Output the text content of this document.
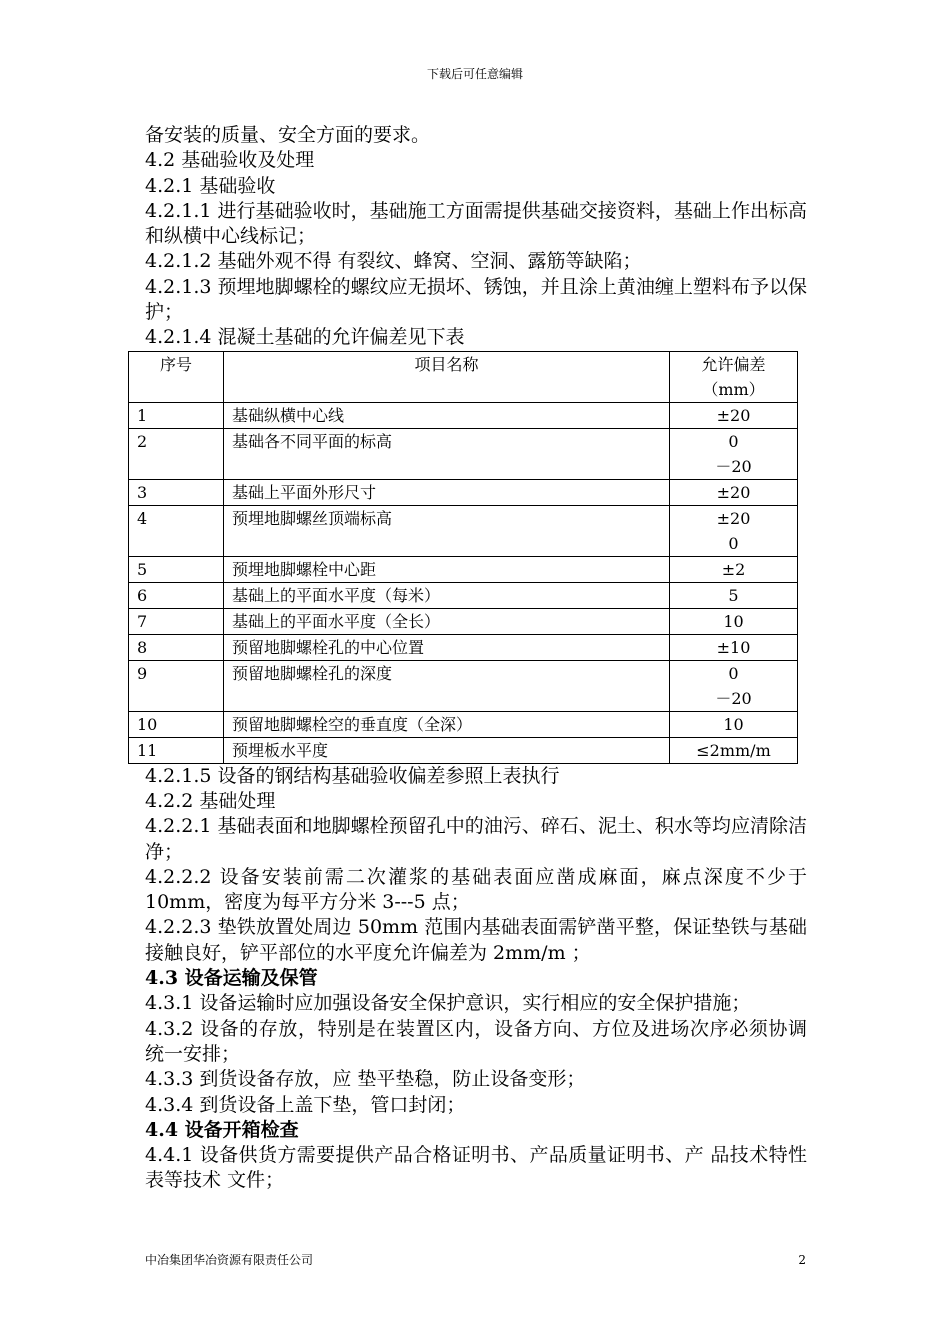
下载后可任意编辑

备安装的质量、安全方面的要求。

4.2 基础验收及处理

4.2.1 基础验收

4.2.1.1 进行基础验收时，基础施工方面需提供基础交接资料，基础上作出标高和纵横中心线标记；

4.2.1.2 基础外观不得 有裂纹、蜂窝、空洞、露筋等缺陷；

4.2.1.3 预埋地脚螺栓的螺纹应无损坏、锈蚀，并且涂上黄油缠上塑料布予以保护；

4.2.1.4 混凝土基础的允许偏差见下表

序号	项目名称	允许偏差
（mm）

1	基础纵横中心线	±20

2	基础各不同平面的标高	0
－20

3	基础上平面外形尺寸	±20

4	预埋地脚螺丝顶端标高	±20
0

5	预埋地脚螺栓中心距	±2

6	基础上的平面水平度（每米）	5

7	基础上的平面水平度（全长）	10

8	预留地脚螺栓孔的中心位置	±10

9	预留地脚螺栓孔的深度	0
－20

10	预留地脚螺栓空的垂直度（全深）	10

11	预埋板水平度	≤2mm/m

4.2.1.5 设备的钢结构基础验收偏差参照上表执行

4.2.2 基础处理

4.2.2.1 基础表面和地脚螺栓预留孔中的油污、碎石、泥土、积水等均应清除洁净；

4.2.2.2 设备安装前需二次灌浆的基础表面应凿成麻面，麻点深度不少于 10mm，密度为每平方分米 3---5 点；

4.2.2.3 垫铁放置处周边 50mm 范围内基础表面需铲凿平整，保证垫铁与基础接触良好，铲平部位的水平度允许偏差为 2mm/m ；

4.3 设备运输及保管

4.3.1 设备运输时应加强设备安全保护意识，实行相应的安全保护措施；

4.3.2 设备的存放，特别是在装置区内，设备方向、方位及进场次序必须协调统一安排；

4.3.3 到货设备存放，应 垫平垫稳，防止设备变形；

4.3.4 到货设备上盖下垫，管口封闭；

4.4 设备开箱检查

4.4.1 设备供货方需要提供产品合格证明书、产品质量证明书、产 品技术特性表等技术 文件；

中冶集团华冶资源有限责任公司	2
